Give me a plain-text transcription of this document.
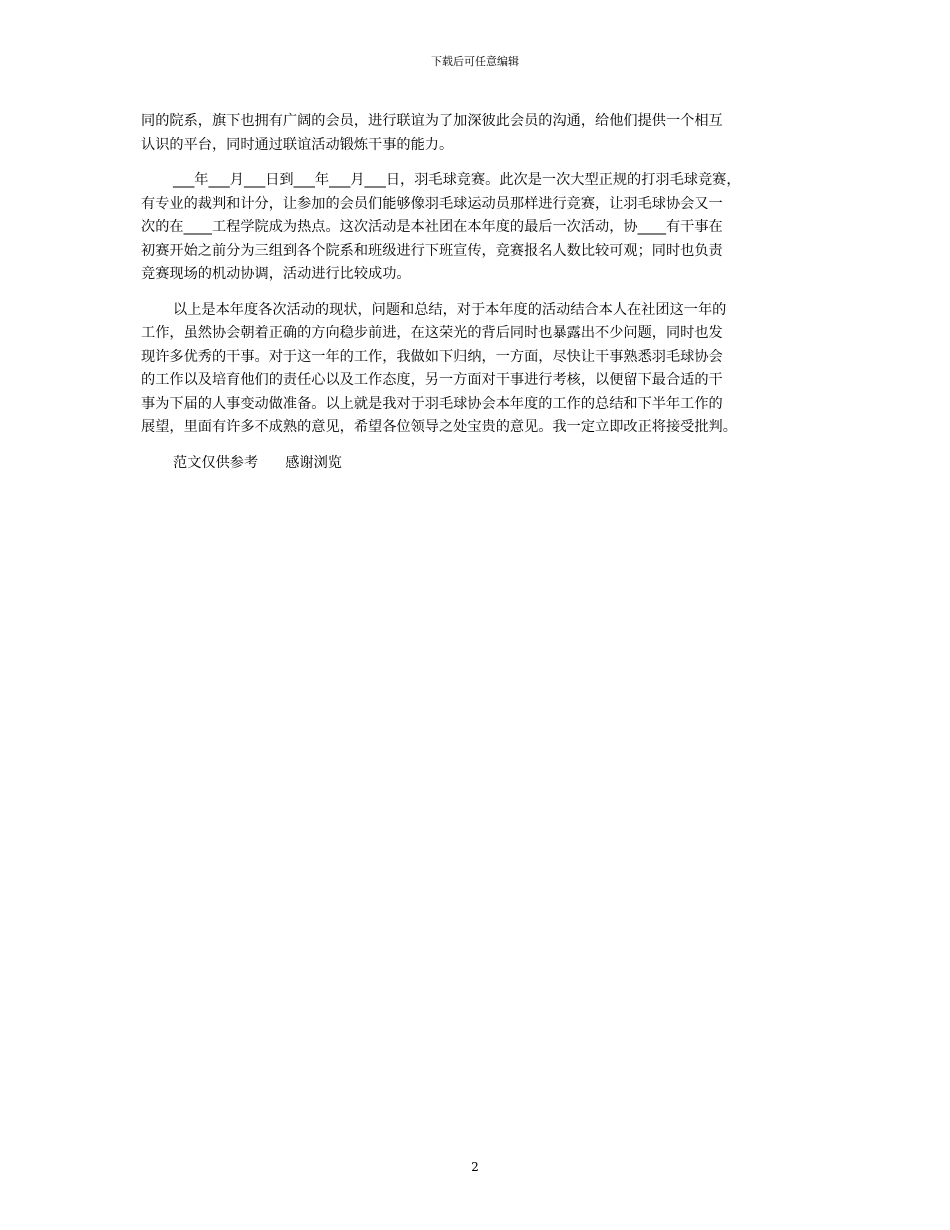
下载后可任意编辑

同的院系，旗下也拥有广阔的会员，进行联谊为了加深彼此会员的沟通，给他们提供一个相互
认识的平台，同时通过联谊活动锻炼干事的能力。

___年___月___日到___年___月___日，羽毛球竞赛。此次是一次大型正规的打羽毛球竞赛，
有专业的裁判和计分，让参加的会员们能够像羽毛球运动员那样进行竞赛，让羽毛球协会又一
次的在____工程学院成为热点。这次活动是本社团在本年度的最后一次活动，协____有干事在
初赛开始之前分为三组到各个院系和班级进行下班宣传，竞赛报名人数比较可观；同时也负责
竞赛现场的机动协调，活动进行比较成功。

以上是本年度各次活动的现状，问题和总结，对于本年度的活动结合本人在社团这一年的
工作，虽然协会朝着正确的方向稳步前进，在这荣光的背后同时也暴露出不少问题，同时也发
现许多优秀的干事。对于这一年的工作，我做如下归纳，一方面，尽快让干事熟悉羽毛球协会
的工作以及培育他们的责任心以及工作态度，另一方面对干事进行考核，以便留下最合适的干
事为下届的人事变动做准备。以上就是我对于羽毛球协会本年度的工作的总结和下半年工作的
展望，里面有许多不成熟的意见，希望各位领导之处宝贵的意见。我一定立即改正将接受批判。

范文仅供参考 感谢浏览

2
